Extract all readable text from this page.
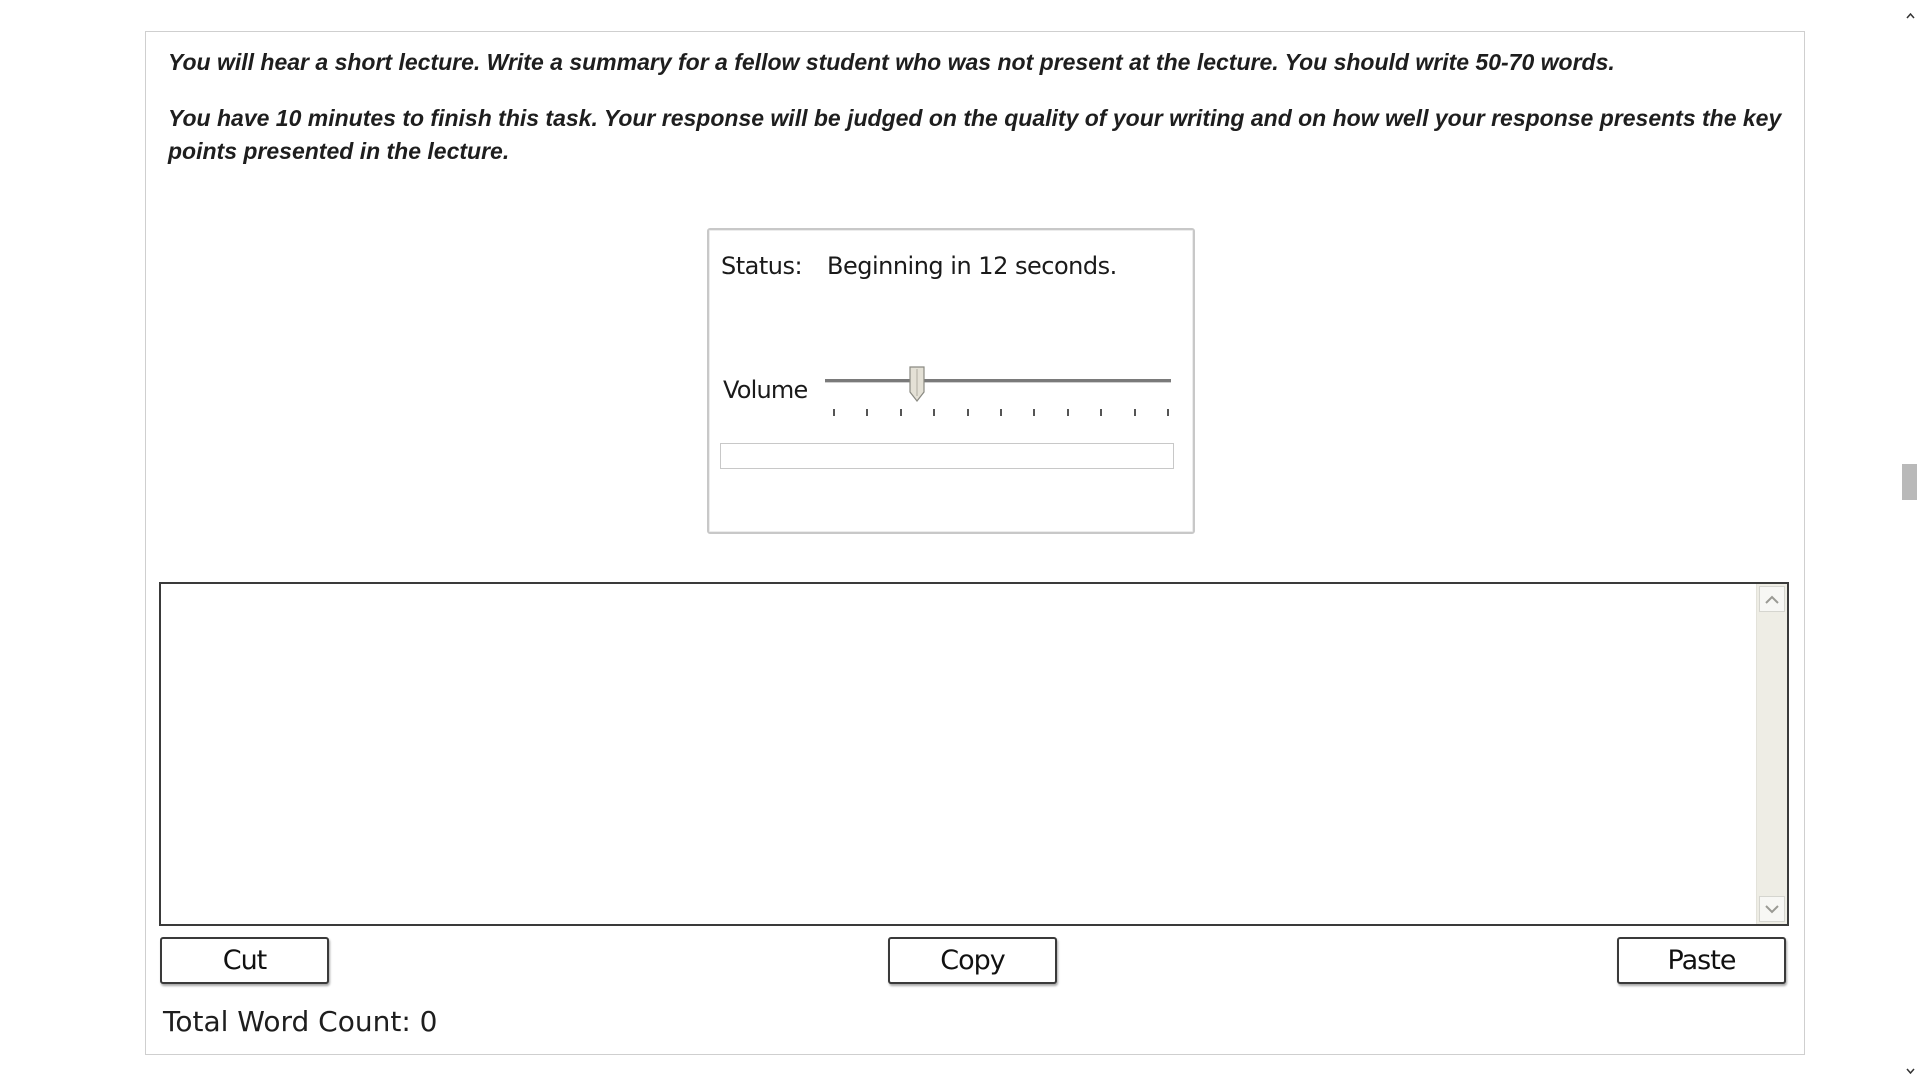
You will hear a short lecture. Write a summary for a fellow student who was not present at the lecture. You should write 50-70 words.

You have 10 minutes to finish this task. Your response will be judged on the quality of your writing and on how well your response presents the key points presented in the lecture.

Status: Beginning in 12 seconds.
Volume
Cut	Copy	Paste
Total Word Count: 0
